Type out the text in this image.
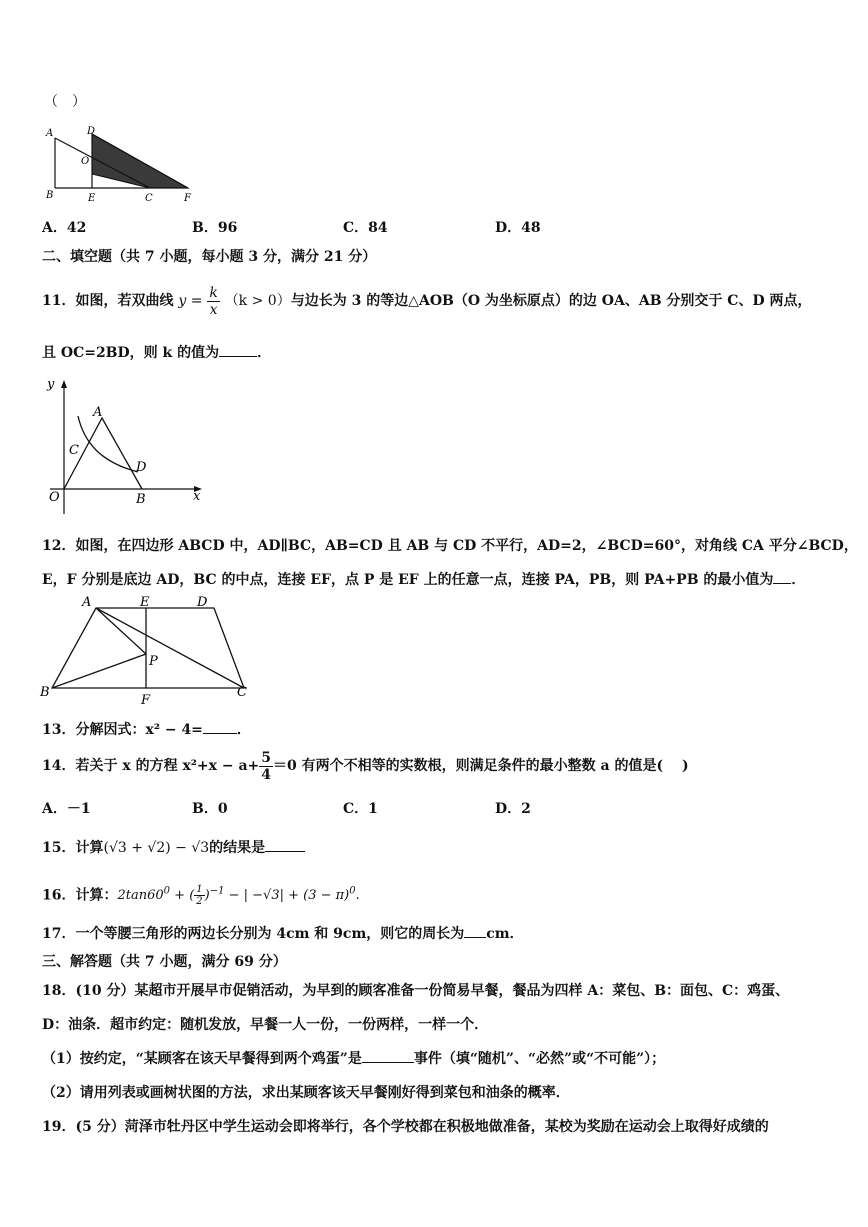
（　）
A	D
O
B	E	C	F
A．42	B．96	C．84	D．48
二、填空题（共 7 小题，每小题 3 分，满分 21 分）
11．如图，若双曲线 $y = \frac{k}{x} (k > 0)$与边长为 3 的等边△AOB（O 为坐标原点）的边 OA、AB 分别交于 C、D 两点，
且 OC=2BD，则 k 的值为	．
y
A
C
D
O	B	x
12．如图，在四边形 ABCD 中，AD∥BC，AB=CD 且 AB 与 CD 不平行，AD=2，∠BCD=60°，对角线 CA 平分∠BCD，
E，F 分别是底边 AD，BC 的中点，连接 EF，点 P 是 EF 上的任意一点，连接 PA，PB，则 PA+PB 的最小值为 ．
A	E	D
P
B
F
C
13．分解因式：x² − 4= ．
14．若关于 x 的方程 $x^2+x - a+ \frac{5}{4} =0$ 有两个不相等的实数根，则满足条件的最小整数 a 的值是(　 )
A．－1	B．0	C．1	D．2
15．计算(√3 + √2) − √3的结果是
16．计算：$2\tan 60^0$ + ( $\frac{1}{2} )^{-1}$ − | $-√3| + (3 - \pi)^0$.
17．一个等腰三角形的两边长分别为 4cm 和 9cm，则它的周长为 cm．
三、解答题（共 7 小题，满分 69 分）
18．(10 分）某超市开展早市促销活动，为早到的顾客准备一份简易早餐，餐品为四样 A：菜包、B：面包、C：鸡蛋、
D：油条．超市约定：随机发放，早餐一人一份，一份两样，一样一个．
（1）按约定，“某顾客在该天早餐得到两个鸡蛋”是	事件（填“随机”、“必然”或“不可能”）；
（2）请用列表或画树状图的方法，求出某顾客该天早餐刚好得到菜包和油条的概率．
19．(5 分）菏泽市牡丹区中学生运动会即将举行，各个学校都在积极地做准备，某校为奖励在运动会上取得好成绩的
